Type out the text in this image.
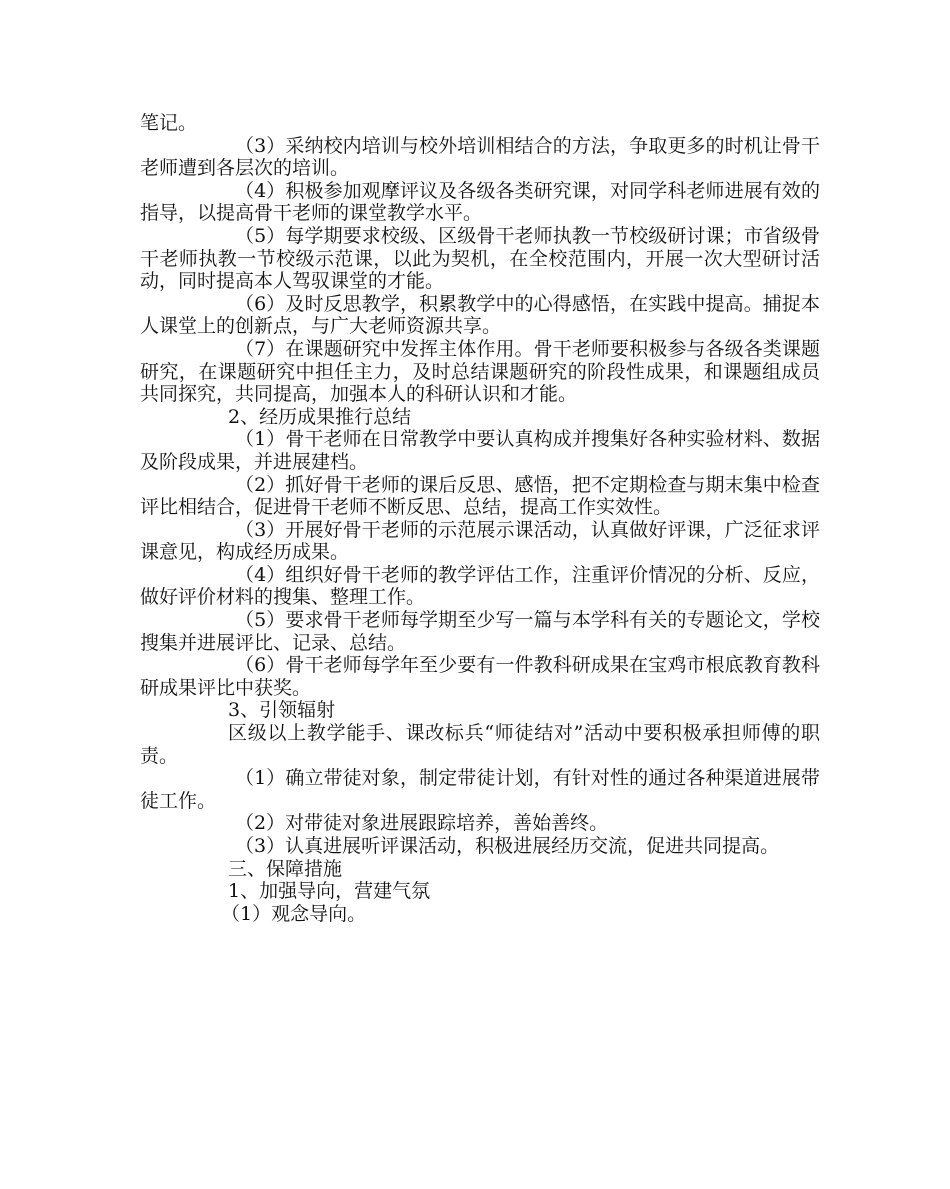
笔记。

（3）采纳校内培训与校外培训相结合的方法，争取更多的时机让骨干老师遭到各层次的培训。

（4）积极参加观摩评议及各级各类研究课，对同学科老师进展有效的指导，以提高骨干老师的课堂教学水平。

（5）每学期要求校级、区级骨干老师执教一节校级研讨课；市省级骨干老师执教一节校级示范课，以此为契机，在全校范围内，开展一次大型研讨活动，同时提高本人驾驭课堂的才能。

（6）及时反思教学，积累教学中的心得感悟，在实践中提高。捕捉本人课堂上的创新点，与广大老师资源共享。

（7）在课题研究中发挥主体作用。骨干老师要积极参与各级各类课题研究，在课题研究中担任主力，及时总结课题研究的阶段性成果，和课题组成员共同探究，共同提高，加强本人的科研认识和才能。

2、经历成果推行总结

（1）骨干老师在日常教学中要认真构成并搜集好各种实验材料、数据及阶段成果，并进展建档。

（2）抓好骨干老师的课后反思、感悟，把不定期检查与期末集中检查评比相结合，促进骨干老师不断反思、总结，提高工作实效性。

（3）开展好骨干老师的示范展示课活动，认真做好评课，广泛征求评课意见，构成经历成果。

（4）组织好骨干老师的教学评估工作，注重评价情况的分析、反应，做好评价材料的搜集、整理工作。

（5）要求骨干老师每学期至少写一篇与本学科有关的专题论文，学校搜集并进展评比、记录、总结。

（6）骨干老师每学年至少要有一件教科研成果在宝鸡市根底教育教科研成果评比中获奖。

3、引领辐射

区级以上教学能手、课改标兵“师徒结对”活动中要积极承担师傅的职责。

（1）确立带徒对象，制定带徒计划，有针对性的通过各种渠道进展带徒工作。

（2）对带徒对象进展跟踪培养，善始善终。

（3）认真进展听评课活动，积极进展经历交流，促进共同提高。

三、保障措施

1、加强导向，营建气氛

（1）观念导向。
